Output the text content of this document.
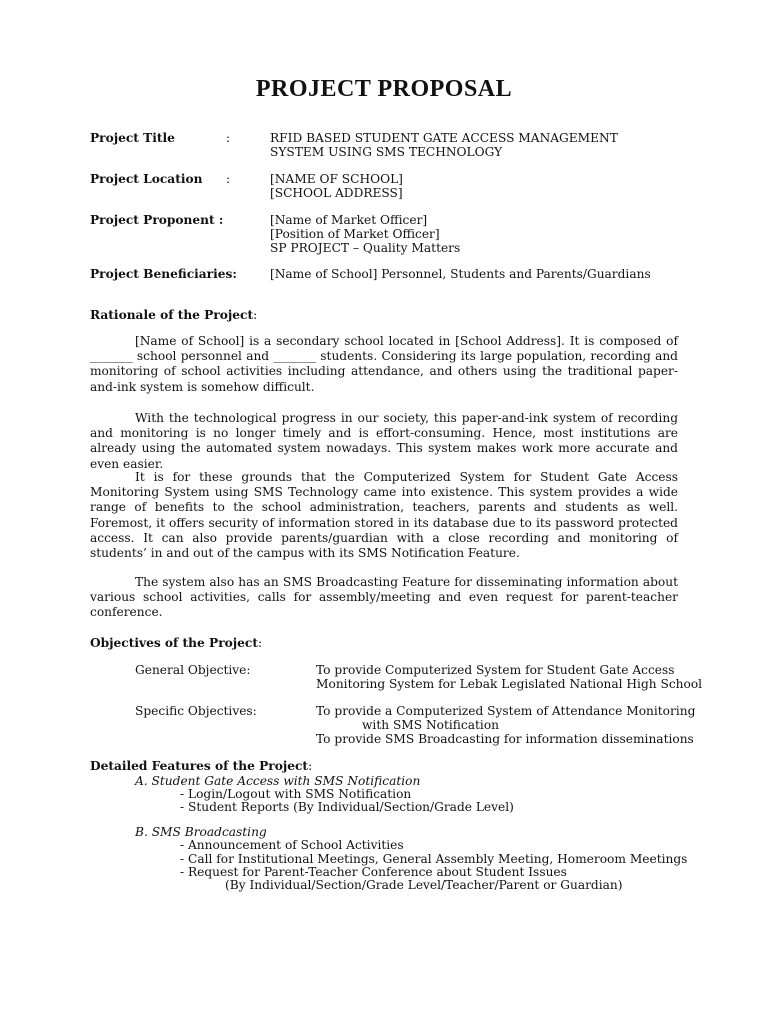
PROJECT PROPOSAL
Project Title	:	RFID BASED STUDENT GATE ACCESS MANAGEMENT
SYSTEM USING SMS TECHNOLOGY
Project Location :	[NAME OF SCHOOL]
[SCHOOL ADDRESS]
Project Proponent :	[Name of Market Officer]
[Position of Market Officer]
SP PROJECT – Quality Matters
Project Beneficiaries:	[Name of School] Personnel, Students and Parents/Guardians
Rationale of the Project:

[Name of School] is a secondary school located in [School Address]. It is composed of _______ school personnel and _______ students. Considering its large population, recording and monitoring of school activities including attendance, and others using the traditional paper-and-ink system is somehow difficult.

With the technological progress in our society, this paper-and-ink system of recording and monitoring is no longer timely and is effort-consuming. Hence, most institutions are already using the automated system nowadays. This system makes work more accurate and even easier.

It is for these grounds that the Computerized System for Student Gate Access Monitoring System using SMS Technology came into existence. This system provides a wide range of benefits to the school administration, teachers, parents and students as well. Foremost, it offers security of information stored in its database due to its password protected access. It can also provide parents/guardian with a close recording and monitoring of students’ in and out of the campus with its SMS Notification Feature.

The system also has an SMS Broadcasting Feature for disseminating information about various school activities, calls for assembly/meeting and even request for parent-teacher conference.

Objectives of the Project:
General Objective:	To provide Computerized System for Student Gate Access
Monitoring System for Lebak Legislated National High School
Specific Objectives:	To provide a Computerized System of Attendance Monitoring
with SMS Notification
To provide SMS Broadcasting for information disseminations
Detailed Features of the Project:
A. Student Gate Access with SMS Notification
- Login/Logout with SMS Notification
- Student Reports (By Individual/Section/Grade Level)
B. SMS Broadcasting
- Announcement of School Activities
- Call for Institutional Meetings, General Assembly Meeting, Homeroom Meetings
- Request for Parent-Teacher Conference about Student Issues
(By Individual/Section/Grade Level/Teacher/Parent or Guardian)
